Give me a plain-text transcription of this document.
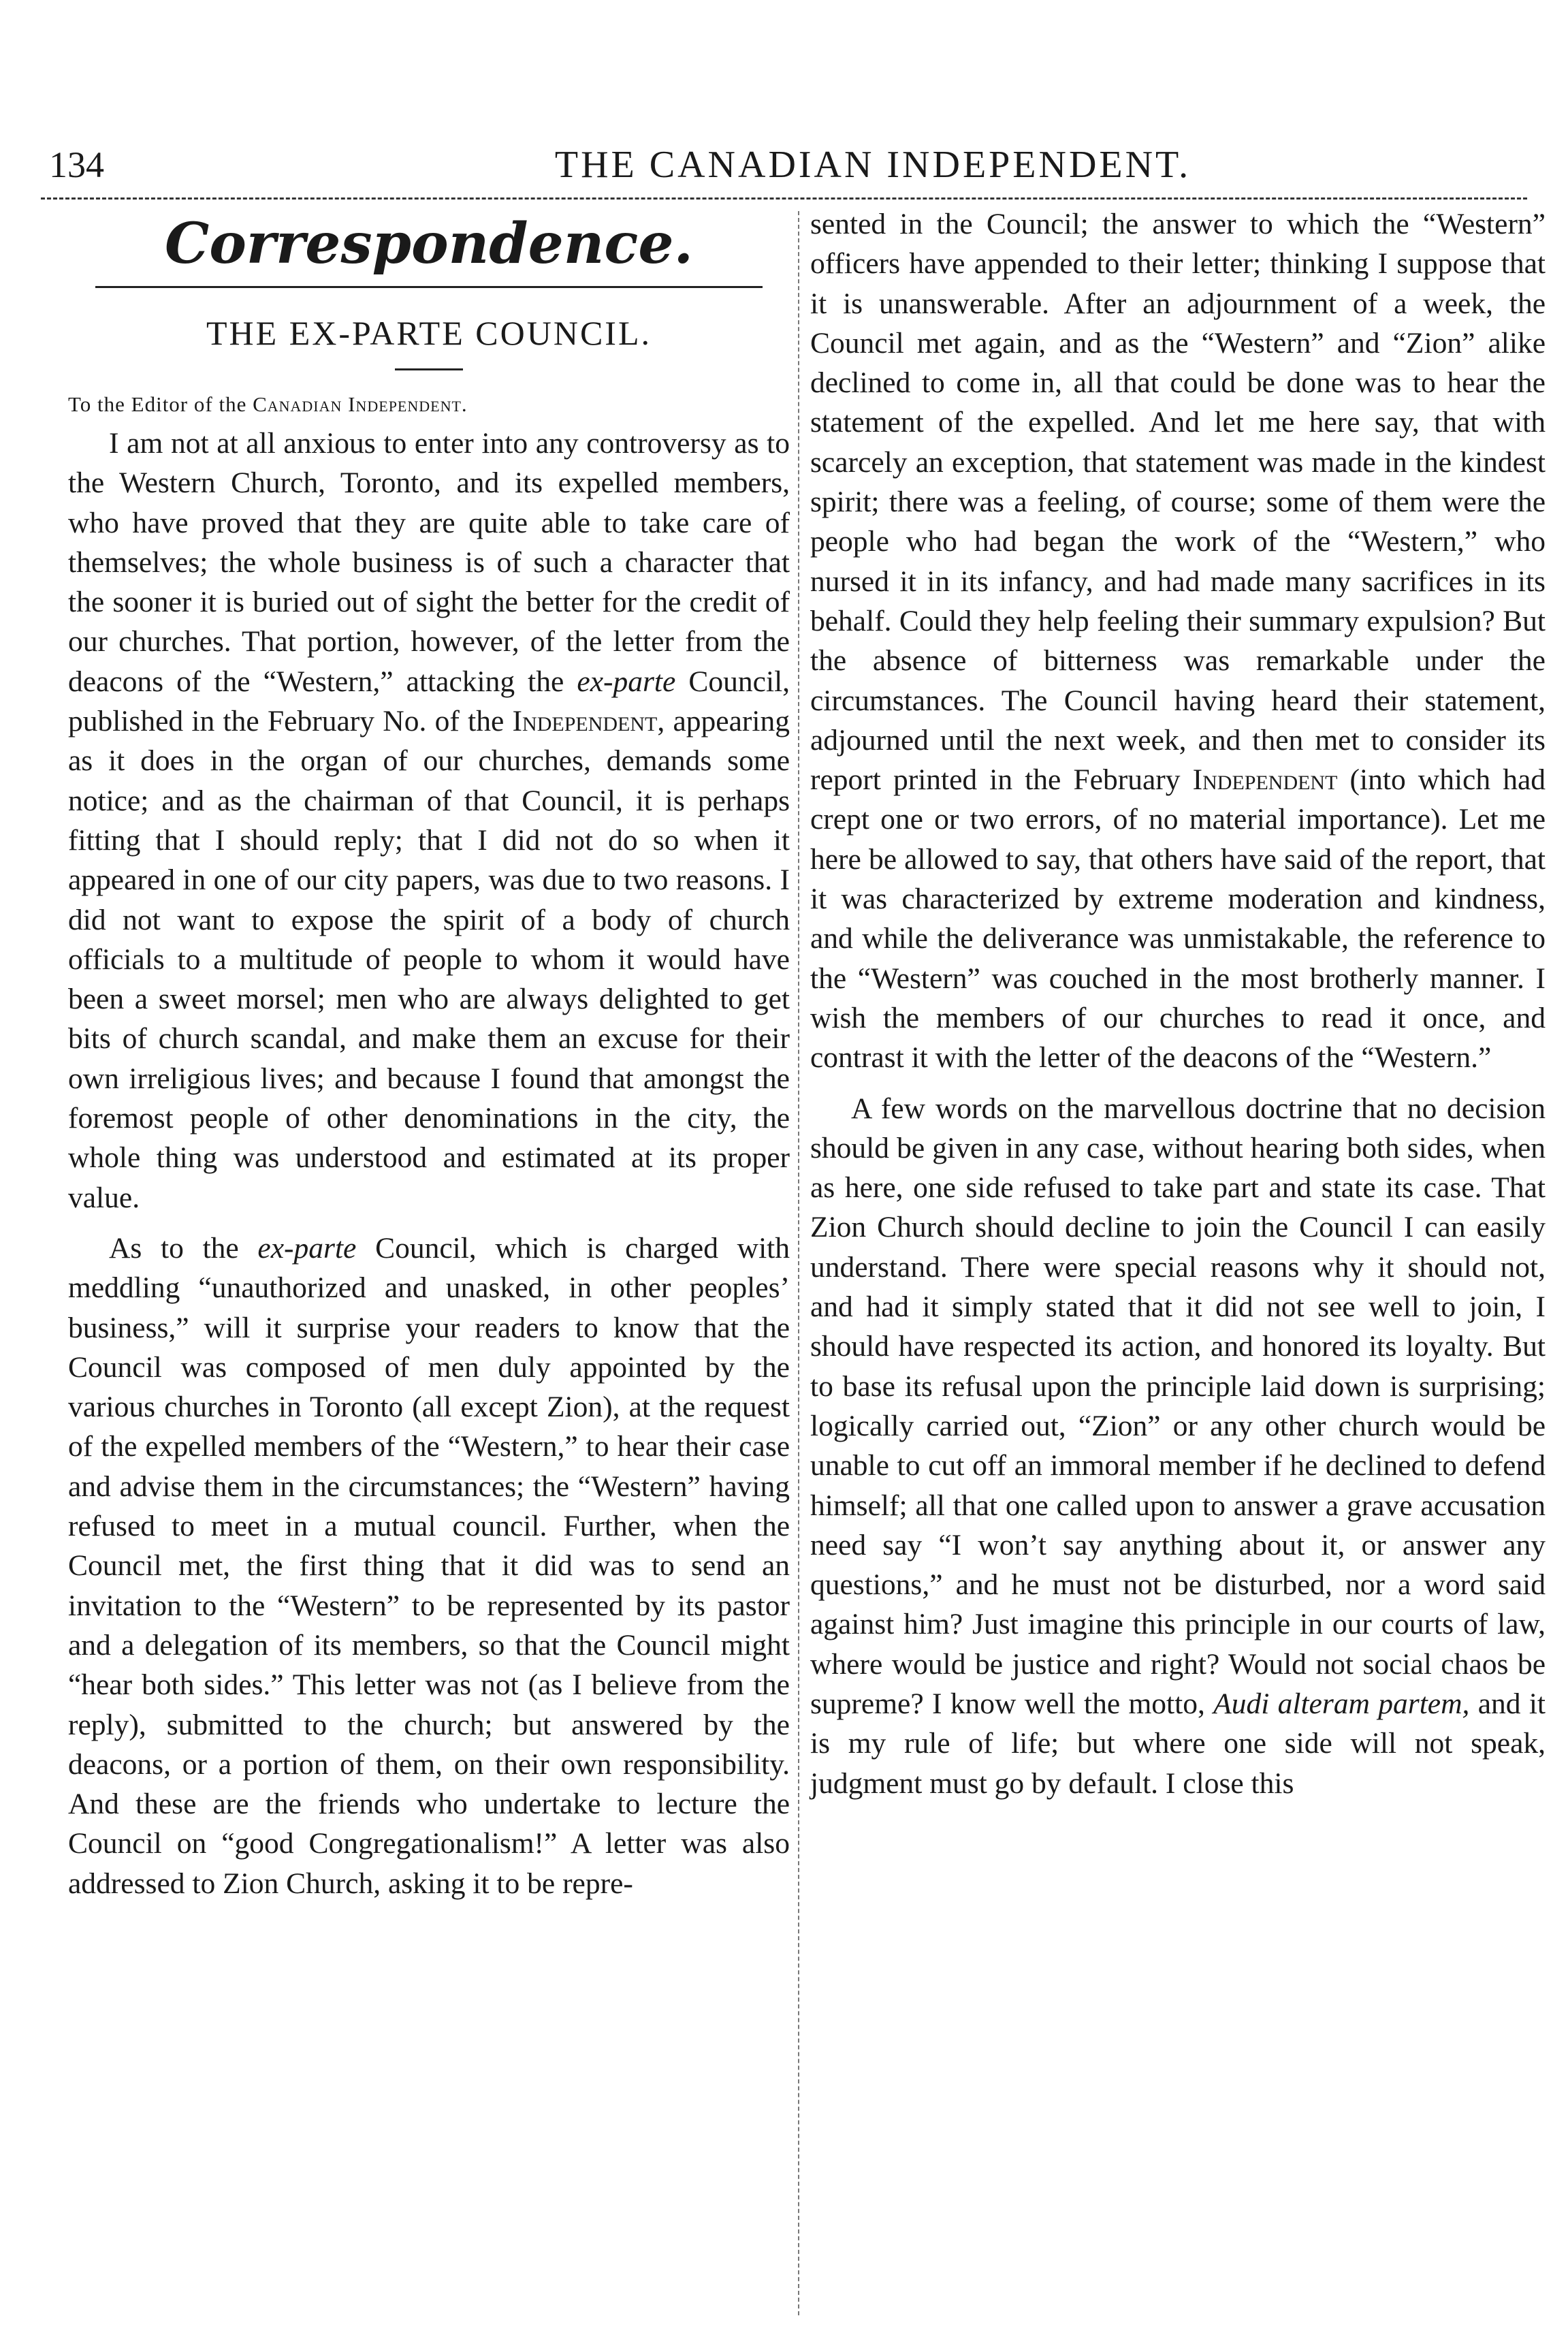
134	THE CANADIAN INDEPENDENT.
Correspondence.
THE EX-PARTE COUNCIL.
To the Editor of the Canadian Independent.

I am not at all anxious to enter into any controversy as to the Western Church, Toronto, and its expelled members, who have proved that they are quite able to take care of themselves; the whole business is of such a character that the sooner it is buried out of sight the better for the credit of our churches. That portion, however, of the letter from the deacons of the “Western,” attacking the ex-parte Council, published in the February No. of the Independent, appearing as it does in the organ of our churches, demands some notice; and as the chairman of that Council, it is perhaps fitting that I should reply; that I did not do so when it appeared in one of our city papers, was due to two reasons. I did not want to expose the spirit of a body of church officials to a multitude of people to whom it would have been a sweet morsel; men who are always delighted to get bits of church scandal, and make them an excuse for their own irreligious lives; and because I found that amongst the foremost people of other denominations in the city, the whole thing was understood and estimated at its proper value.

As to the ex-parte Council, which is charged with meddling “unauthorized and unasked, in other peoples’ business,” will it surprise your readers to know that the Council was composed of men duly appointed by the various churches in Toronto (all except Zion), at the request of the expelled members of the “Western,” to hear their case and advise them in the circumstances; the “Western” having refused to meet in a mutual council. Further, when the Council met, the first thing that it did was to send an invitation to the “Western” to be represented by its pastor and a delegation of its members, so that the Council might “hear both sides.” This letter was not (as I believe from the reply), submitted to the church; but answered by the deacons, or a portion of them, on their own responsibility. And these are the friends who undertake to lecture the Council on “good Congregationalism!” A letter was also addressed to Zion Church, asking it to be repre-

sented in the Council; the answer to which the “Western” officers have appended to their letter; thinking I suppose that it is unanswerable. After an adjournment of a week, the Council met again, and as the “Western” and “Zion” alike declined to come in, all that could be done was to hear the statement of the expelled. And let me here say, that with scarcely an exception, that statement was made in the kindest spirit; there was a feeling, of course; some of them were the people who had began the work of the “Western,” who nursed it in its infancy, and had made many sacrifices in its behalf. Could they help feeling their summary expulsion? But the absence of bitterness was remarkable under the circumstances. The Council having heard their statement, adjourned until the next week, and then met to consider its report printed in the February Independent (into which had crept one or two errors, of no material importance). Let me here be allowed to say, that others have said of the report, that it was characterized by extreme moderation and kindness, and while the deliverance was unmistakable, the reference to the “Western” was couched in the most brotherly manner. I wish the members of our churches to read it once, and contrast it with the letter of the deacons of the “Western.”

A few words on the marvellous doctrine that no decision should be given in any case, without hearing both sides, when as here, one side refused to take part and state its case. That Zion Church should decline to join the Council I can easily understand. There were special reasons why it should not, and had it simply stated that it did not see well to join, I should have respected its action, and honored its loyalty. But to base its refusal upon the principle laid down is surprising; logically carried out, “Zion” or any other church would be unable to cut off an immoral member if he declined to defend himself; all that one called upon to answer a grave accusation need say “I won’t say anything about it, or answer any questions,” and he must not be disturbed, nor a word said against him? Just imagine this principle in our courts of law, where would be justice and right? Would not social chaos be supreme? I know well the motto, Audi alteram partem, and it is my rule of life; but where one side will not speak, judgment must go by default. I close this
